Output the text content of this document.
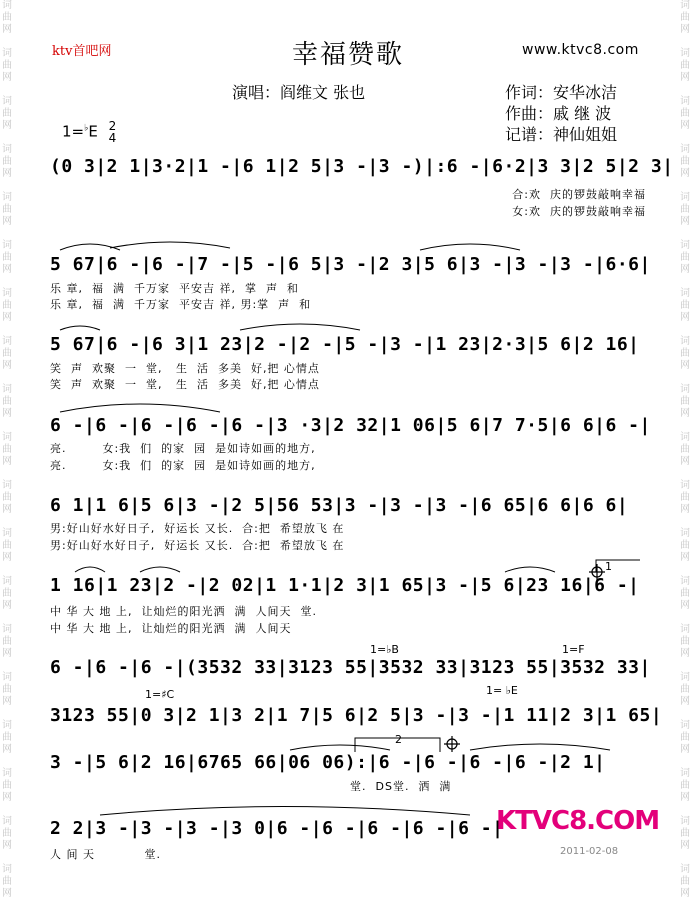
词
曲
网

词
曲
网

词
曲
网

词
曲
网

词
曲
网

词
曲
网

词
曲
网

词
曲
网

词
曲
网

词
曲
网

词
曲
网

词
曲
网

词
曲
网

词
曲
网

词
曲
网

词
曲
网

词
曲
网

词
曲
网

词
曲
网
词
曲
网

词
曲
网

词
曲
网

词
曲
网

词
曲
网

词
曲
网

词
曲
网

词
曲
网

词
曲
网

词
曲
网

词
曲
网

词
曲
网

词
曲
网

词
曲
网

词
曲
网

词
曲
网

词
曲
网

词
曲
网

词
曲
网
ktv首吧网	幸福赞歌	www.ktvc8.com
演唱：阎维文 张也	作词：安华冰洁
作曲：戚 继 波
记谱：神仙姐姐
1=♭E 2
4
(0 3|2 1|3·2|1 -|6 1|2 5|3 -|3 -)|:6 -|6·2|3 3|2 5|2 3|
合:欢  庆的锣鼓敲响幸福
女:欢  庆的锣鼓敲响幸福
5 67|6 -|6 -|7 -|5 -|6 5|3 -|2 3|5 6|3 -|3 -|3 -|6·6|
乐 章,  福  满  千万家  平安吉 祥,  掌  声  和
乐 章,  福  满  千万家  平安吉 祥, 男:掌  声  和
5 67|6 -|6 3|1 23|2 -|2 -|5 -|3 -|1 23|2·3|5 6|2 16|
笑  声  欢聚  一  堂,   生  活  多美  好,把 心情点
笑  声  欢聚  一  堂,   生  活  多美  好,把 心情点
6 -|6 -|6 -|6 -|6 -|3 ·3|2 32|1 06|5 6|7 7·5|6 6|6 -|
亮.        女:我  们  的家  园  是如诗如画的地方,
亮.        女:我  们  的家  园  是如诗如画的地方,
6 1|1 6|5 6|3 -|2 5|56 53|3 -|3 -|3 -|6 65|6 6|6 6|
男:好山好水好日子,  好运长 又长.  合:把  希望放飞 在
男:好山好水好日子,  好运长 又长.  合:把  希望放飞 在
1 16|1 23|2 -|2 02|1 1·1|2 3|1 65|3 -|5 6|23 16|6 -|
中 华 大 地 上,  让灿烂的阳光洒  满  人间天  堂.
中 华 大 地 上,  让灿烂的阳光洒  满  人间天
1=♭B	1=F
6 -|6 -|6 -|(3532 33|3123 55|3532 33|3123 55|3532 33|
1=♯C	1= ♭E
3123 55|0 3|2 1|3 2|1 7|5 6|2 5|3 -|3 -|1 11|2 3|1 65|
2
1
3 -|5 6|2 16|6765 66|06 06):|6 -|6 -|6 -|6 -|2 1|
堂.  DS堂.  洒  满
2 2|3 -|3 -|3 -|3 0|6 -|6 -|6 -|6 -|6 -|
人 间 天           堂.
KTVC8.COM
2011-02-08
